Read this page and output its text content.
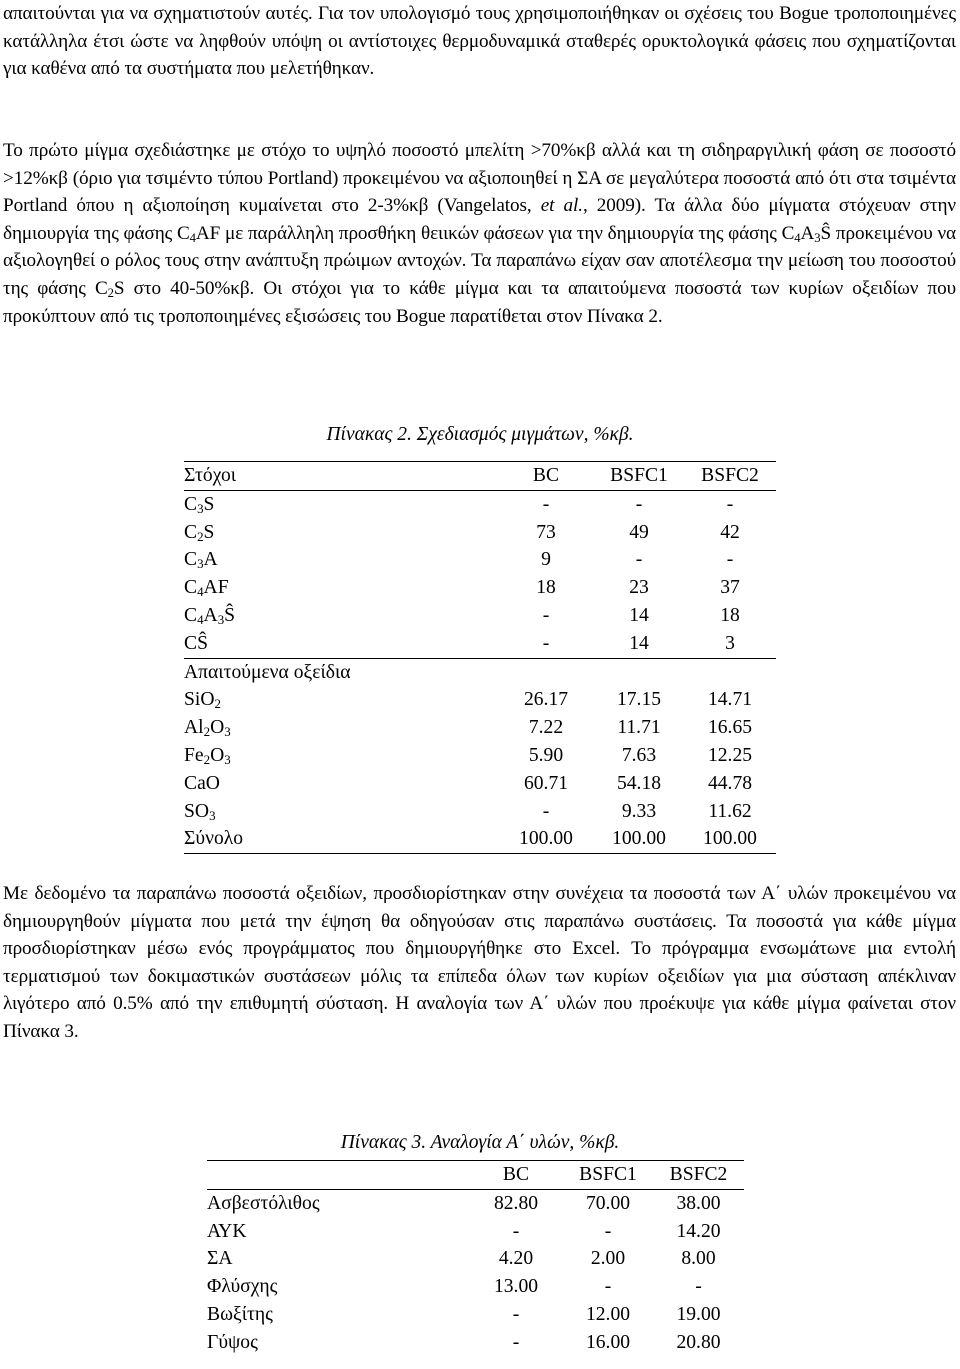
απαιτούνται για να σχηματιστούν αυτές. Για τον υπολογισμό τους χρησιμοποιήθηκαν οι σχέσεις του Bogue τροποποιημένες κατάλληλα έτσι ώστε να ληφθούν υπόψη οι αντίστοιχες θερμοδυναμικά σταθερές ορυκτολογικά φάσεις που σχηματίζονται για καθένα από τα συστήματα που μελετήθηκαν.

Το πρώτο μίγμα σχεδιάστηκε με στόχο το υψηλό ποσοστό μπελίτη >70%κβ αλλά και τη σιδηραργιλική φάση σε ποσοστό >12%κβ (όριο για τσιμέντο τύπου Portland) προκειμένου να αξιοποιηθεί η ΣΑ σε μεγαλύτερα ποσοστά από ότι στα τσιμέντα Portland όπου η αξιοποίηση κυμαίνεται στο 2-3%κβ (Vangelatos, et al., 2009). Τα άλλα δύο μίγματα στόχευαν στην δημιουργία της φάσης $C_4AF$ με παράλληλη προσθήκη θειικών φάσεων για την δημιουργία της φάσης $C_4A_3Ŝ$ προκειμένου να αξιολογηθεί ο ρόλος τους στην ανάπτυξη πρώιμων αντοχών. Τα παραπάνω είχαν σαν αποτέλεσμα την μείωση του ποσοστού της φάσης $C_2S$ στο 40-50%κβ. Οι στόχοι για το κάθε μίγμα και τα απαιτούμενα ποσοστά των κυρίων οξειδίων που προκύπτουν από τις τροποποιημένες εξισώσεις του Bogue παρατίθεται στον Πίνακα 2.

Πίνακας 2. Σχεδιασμός μιγμάτων, %κβ.

Στόχοι	BC	BSFC1	BSFC2
$C_3S$	-	-	-
$C_2S$	73	49	42
$C_3A$	9	-	-
$C_4AF$	18	23	37
$C_4A_3Ŝ$	-	14	18
CŜ	-	14	3
Απαιτούμενα οξείδια			
SiO$_2$	26.17	17.15	14.71
$Al_2O_3$	7.22	11.71	16.65
$Fe_2O_3$	5.90	7.63	12.25
CaO	60.71	54.18	44.78
$SO_3$	-	9.33	11.62
Σύνολο	100.00	100.00	100.00

Με δεδομένο τα παραπάνω ποσοστά οξειδίων, προσδιορίστηκαν στην συνέχεια τα ποσοστά των Α΄ υλών προκειμένου να δημιουργηθούν μίγματα που μετά την έψηση θα οδηγούσαν στις παραπάνω συστάσεις. Τα ποσοστά για κάθε μίγμα προσδιορίστηκαν μέσω ενός προγράμματος που δημιουργήθηκε στο Excel. Το πρόγραμμα ενσωμάτωνε μια εντολή τερματισμού των δοκιμαστικών συστάσεων μόλις τα επίπεδα όλων των κυρίων οξειδίων για μια σύσταση απέκλιναν λιγότερο από 0.5% από την επιθυμητή σύσταση. Η αναλογία των Α΄ υλών που προέκυψε για κάθε μίγμα φαίνεται στον Πίνακα 3.

Πίνακας 3. Αναλογία Α΄ υλών, %κβ.

	BC	BSFC1	BSFC2
Ασβεστόλιθος	82.80	70.00	38.00
ΑΥΚ	-	-	14.20
ΣΑ	4.20	2.00	8.00
Φλύσχης	13.00	-	-
Βωξίτης	-	12.00	19.00
Γύψος	-	16.00	20.80
